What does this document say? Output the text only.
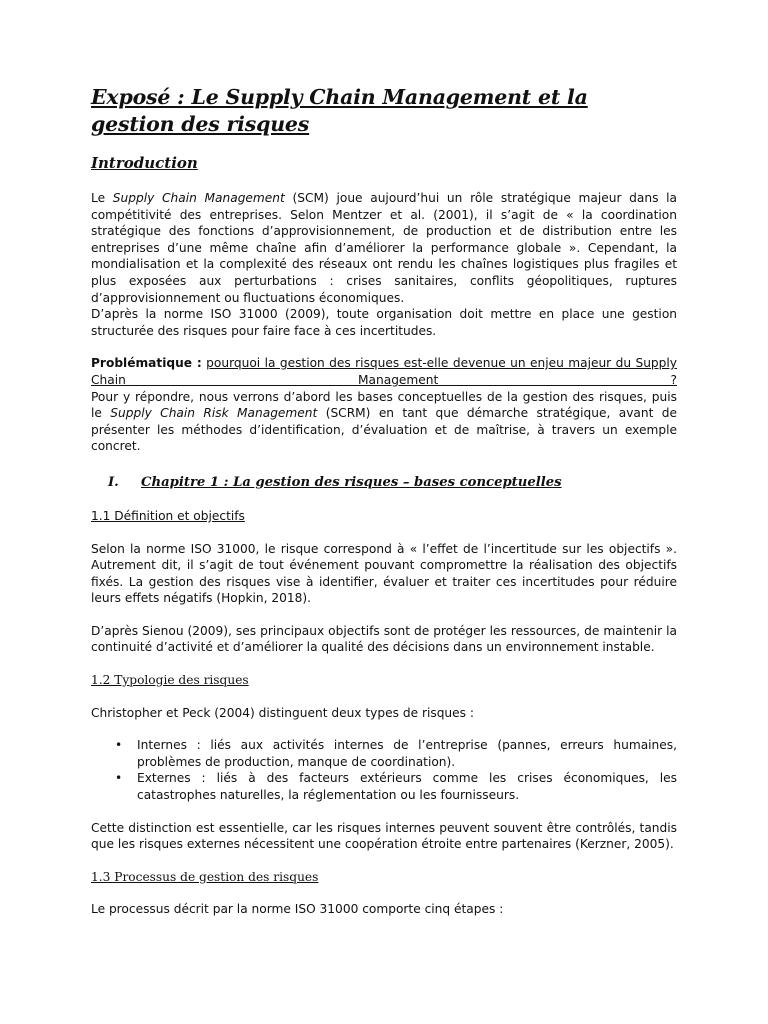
Exposé : Le Supply Chain Management et la gestion des risques
Introduction

Le Supply Chain Management (SCM) joue aujourd’hui un rôle stratégique majeur dans la compétitivité des entreprises. Selon Mentzer et al. (2001), il s’agit de « la coordination stratégique des fonctions d’approvisionnement, de production et de distribution entre les entreprises d’une même chaîne afin d’améliorer la performance globale ». Cependant, la mondialisation et la complexité des réseaux ont rendu les chaînes logistiques plus fragiles et plus exposées aux perturbations : crises sanitaires, conflits géopolitiques, ruptures d’approvisionnement ou fluctuations économiques.

D’après la norme ISO 31000 (2009), toute organisation doit mettre en place une gestion structurée des risques pour faire face à ces incertitudes.

Problématique : pourquoi la gestion des risques est-elle devenue un enjeu majeur du Supply Chain Management ?

Pour y répondre, nous verrons d’abord les bases conceptuelles de la gestion des risques, puis le Supply Chain Risk Management (SCRM) en tant que démarche stratégique, avant de présenter les méthodes d’identification, d’évaluation et de maîtrise, à travers un exemple concret.

I.	Chapitre 1 : La gestion des risques – bases conceptuelles
1.1 Définition et objectifs

Selon la norme ISO 31000, le risque correspond à « l’effet de l’incertitude sur les objectifs ». Autrement dit, il s’agit de tout événement pouvant compromettre la réalisation des objectifs fixés. La gestion des risques vise à identifier, évaluer et traiter ces incertitudes pour réduire leurs effets négatifs (Hopkin, 2018).

D’après Sienou (2009), ses principaux objectifs sont de protéger les ressources, de maintenir la continuité d’activité et d’améliorer la qualité des décisions dans un environnement instable.

1.2 Typologie des risques

Christopher et Peck (2004) distinguent deux types de risques :

•	Internes : liés aux activités internes de l’entreprise (pannes, erreurs humaines, problèmes de production, manque de coordination).
•	Externes : liés à des facteurs extérieurs comme les crises économiques, les catastrophes naturelles, la réglementation ou les fournisseurs.

Cette distinction est essentielle, car les risques internes peuvent souvent être contrôlés, tandis que les risques externes nécessitent une coopération étroite entre partenaires (Kerzner, 2005).

1.3 Processus de gestion des risques

Le processus décrit par la norme ISO 31000 comporte cinq étapes :
